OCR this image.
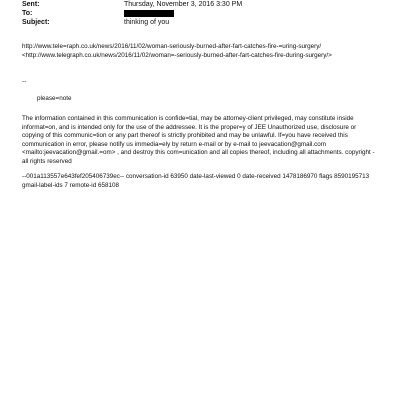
Sent:	Thursday, November 3, 2016 3:30 PM
To:
Subject:	thinking of you
http://www.tele=raph.co.uk/news/2016/11/02/woman-seriously-burned-after-fart-catches-fire-=uring-surgery/
<http://www.telegraph.co.uk/news/2016/11/02/woman=-seriously-burned-after-fart-catches-fire-during-surgery/>
--
please=note
The information contained in this communication is confide=tial, may be attorney-client privileged, may constitute inside informat=on, and is intended only for the use of the addressee. It is the proper=y of JEE Unauthorized use, disclosure or copying of this communic=tion or any part thereof is strictly prohibited and may be unlawful. If=you have received this communication in error, please notify us immedia=ely by return e-mail or by e-mail to jeevacation@gmail.com <mailto:jeevacation@gmail.=om> , and destroy this com=unication and all copies thereof, including all attachments. copyright -all rights reserved
--001a113557e643fef205406739ec-- conversation-id 63950 date-last-viewed 0 date-received 1478186970 flags 8590195713 gmail-label-ids 7 remote-id 658108
